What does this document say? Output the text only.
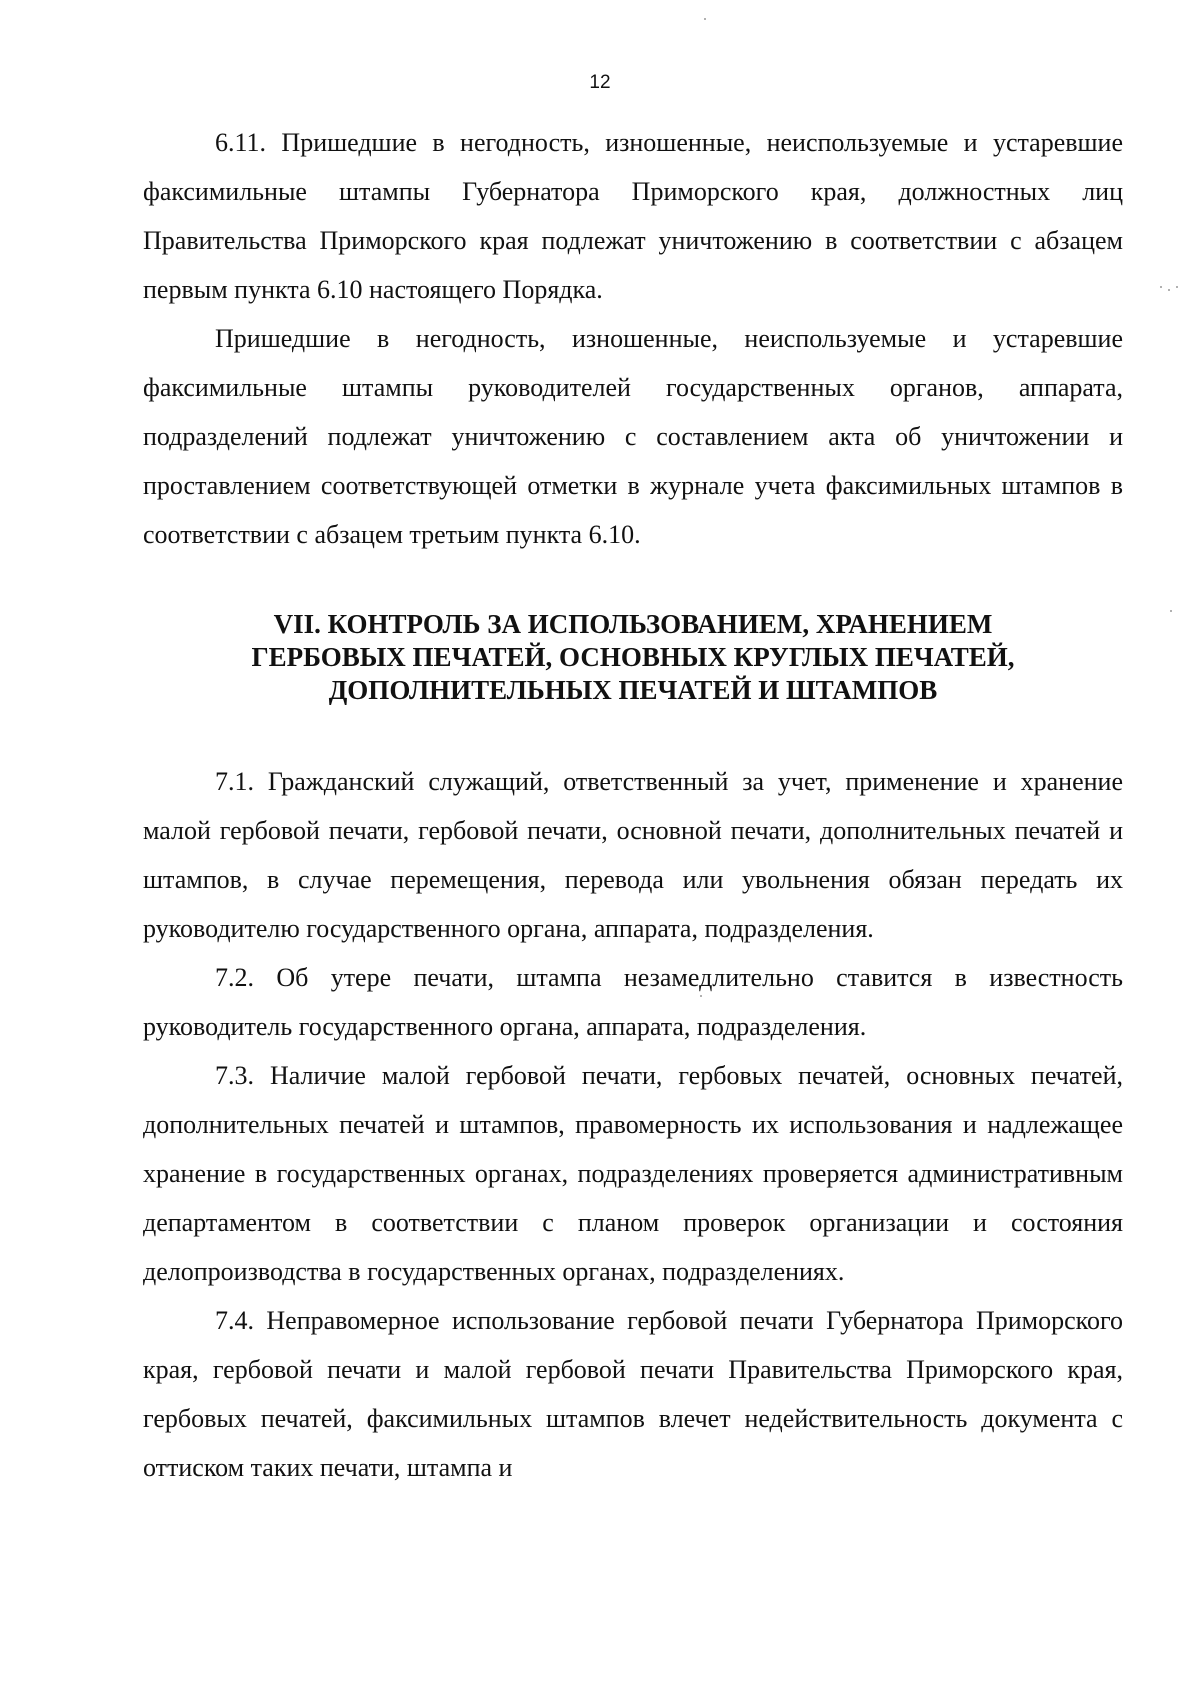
12

6.11. Пришедшие в негодность, изношенные, неиспользуемые и устаревшие факсимильные штампы Губернатора Приморского края, должностных лиц Правительства Приморского края подлежат уничтожению в соответствии с абзацем первым пункта 6.10 настоящего Порядка.

Пришедшие в негодность, изношенные, неиспользуемые и устаревшие факсимильные штампы руководителей государственных органов, аппарата, подразделений подлежат уничтожению с составлением акта об уничтожении и проставлением соответствующей отметки в журнале учета факсимильных штампов в соответствии с абзацем третьим пункта 6.10.

VII. КОНТРОЛЬ ЗА ИСПОЛЬЗОВАНИЕМ, ХРАНЕНИЕМ
ГЕРБОВЫХ ПЕЧАТЕЙ, ОСНОВНЫХ КРУГЛЫХ ПЕЧАТЕЙ,
ДОПОЛНИТЕЛЬНЫХ ПЕЧАТЕЙ И ШТАМПОВ

7.1. Гражданский служащий, ответственный за учет, применение и хранение малой гербовой печати, гербовой печати, основной печати, дополнительных печатей и штампов, в случае перемещения, перевода или увольнения обязан передать их руководителю государственного органа, аппарата, подразделения.

7.2. Об утере печати, штампа незамедлительно ставится в известность руководитель государственного органа, аппарата, подразделения.

7.3. Наличие малой гербовой печати, гербовых печатей, основных печатей, дополнительных печатей и штампов, правомерность их использования и надлежащее хранение в государственных органах, подразделениях проверяется административным департаментом в соответствии с планом проверок организации и состояния делопроизводства в государственных органах, подразделениях.

7.4. Неправомерное использование гербовой печати Губернатора Приморского края, гербовой печати и малой гербовой печати Правительства Приморского края, гербовых печатей, факсимильных штампов влечет недействительность документа с оттиском таких печати, штампа и
